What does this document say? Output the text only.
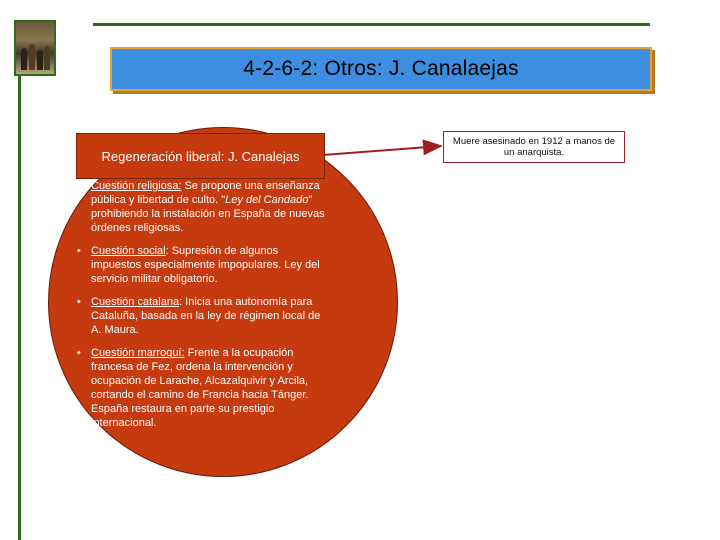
4-2-6-2: Otros: J. Canalaejas
Regeneración liberal: J. Canalejas
• Cuestión religiosa: Se propone una enseñanza pública y libertad de culto. "Ley del Candado" prohibiendo la instalación en España de nuevas órdenes religiosas.
• Cuestión social: Supresión de algunos impuestos especialmente impopulares. Ley del servicio militar obligatorio.
• Cuestión catalana: Inicia una autonomía para Cataluña, basada en la ley de régimen local de A. Maura.
• Cuestión marroquí: Frente a la ocupación francesa de Fez, ordena la intervención y ocupación de Larache, Alcazalquivir y Arcila, cortando el camino de Francia hacia Tánger. España restaura en parte su prestigio internacional.
Muere asesinado en 1912 a manos de un anarquista.
